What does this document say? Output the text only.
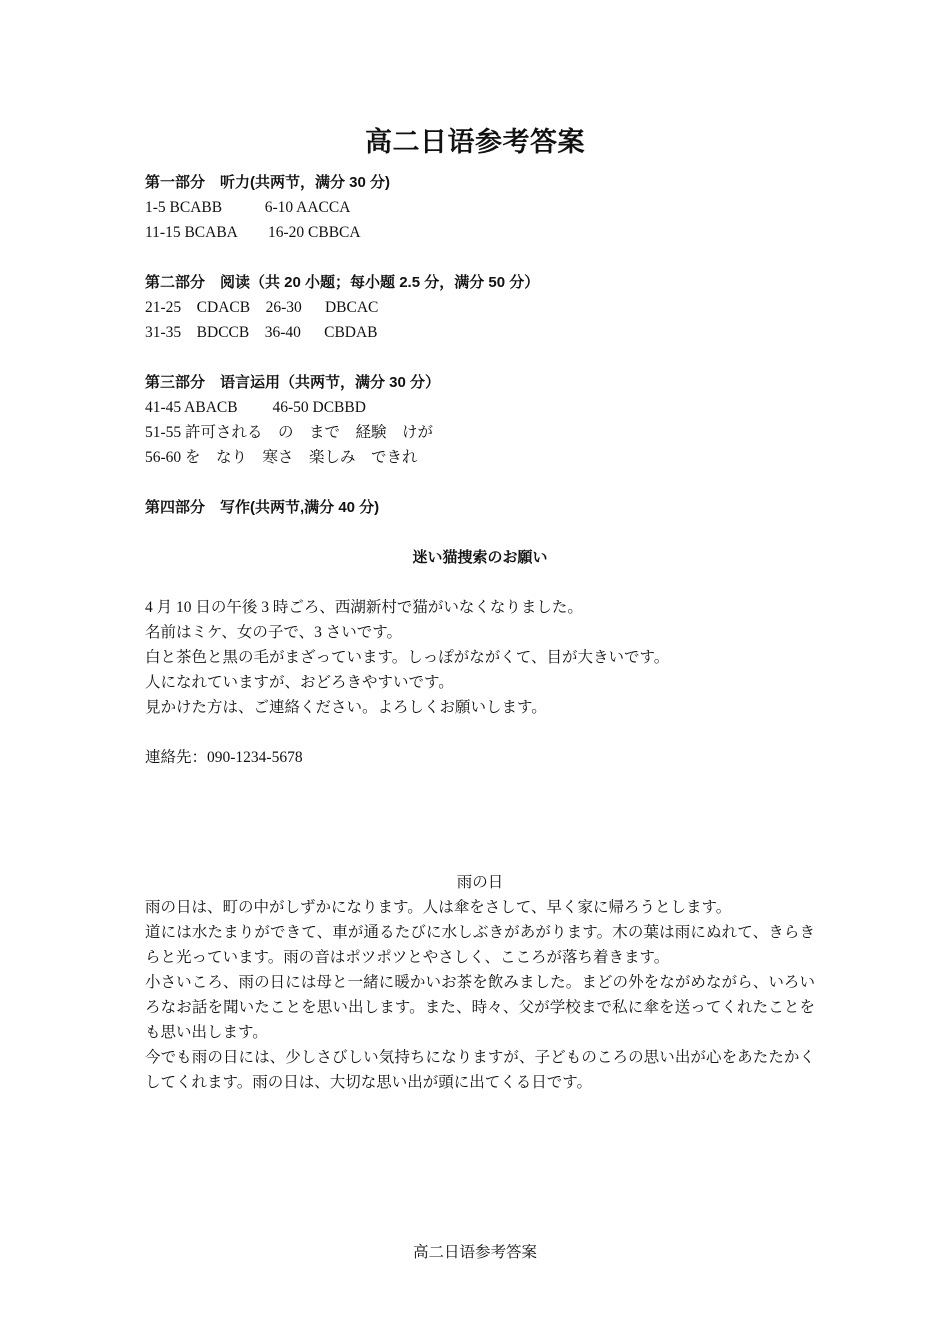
高二日语参考答案
第一部分　听力(共两节，满分 30 分)
1-5 BCABB           6-10 AACCA
11-15 BCABA        16-20 CBBCA
第二部分　阅读（共 20 小题；每小题 2.5 分，满分 50 分）
21-25    CDACB    26-30      DBCAC
31-35    BDCCB    36-40      CBDAB
第三部分　语言运用（共两节，满分 30 分）
41-45 ABACB         46-50 DCBBD
51-55 許可される　の　まで　経験　けが
56-60 を　なり　寒さ　楽しみ　できれ
第四部分　写作(共两节,满分 40 分)
迷い猫捜索のお願い
4 月 10 日の午後 3 時ごろ、西湖新村で猫がいなくなりました。
名前はミケ、女の子で、3 さいです。
白と茶色と黒の毛がまざっています。しっぽがながくて、目が大きいです。
人になれていますが、おどろきやすいです。
見かけた方は、ご連絡ください。よろしくお願いします。
連絡先：090-1234-5678
雨の日
雨の日は、町の中がしずかになります。人は傘をさして、早く家に帰ろうとします。
道には水たまりができて、車が通るたびに水しぶきがあがります。木の葉は雨にぬれて、きらきらと光っています。雨の音はポツポツとやさしく、こころが落ち着きます。
小さいころ、雨の日には母と一緒に暖かいお茶を飲みました。まどの外をながめながら、いろいろなお話を聞いたことを思い出します。また、時々、父が学校まで私に傘を送ってくれたことをも思い出します。
今でも雨の日には、少しさびしい気持ちになりますが、子どものころの思い出が心をあたたかくしてくれます。雨の日は、大切な思い出が頭に出てくる日です。
高二日语参考答案
